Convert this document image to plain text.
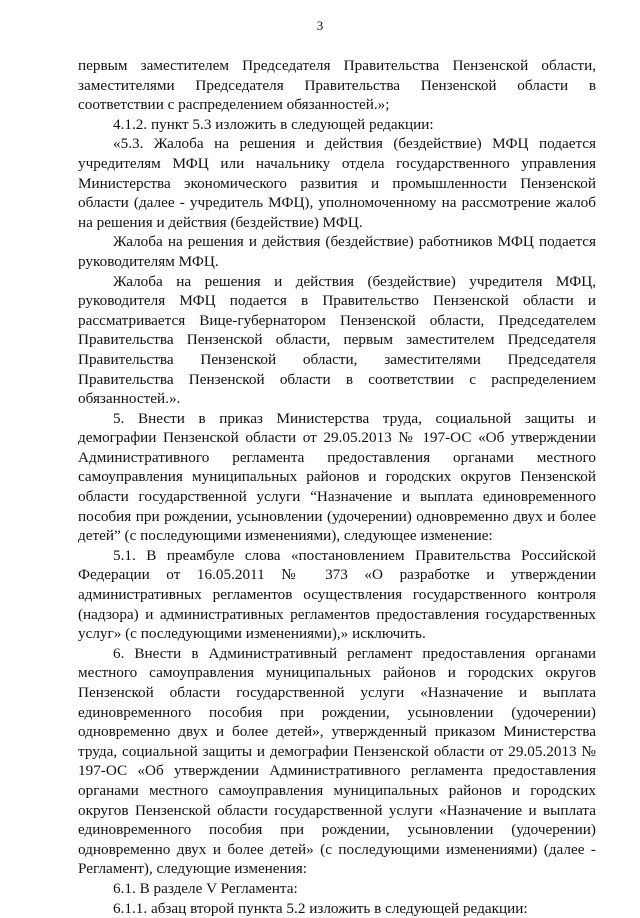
3

первым заместителем Председателя Правительства Пензенской области, заместителями Председателя Правительства Пензенской области в соответствии с распределением обязанностей.»;

4.1.2. пункт 5.3 изложить в следующей редакции:

«5.3. Жалоба на решения и действия (бездействие) МФЦ подается учредителям МФЦ или начальнику отдела государственного управления Министерства экономического развития и промышленности Пензенской области (далее - учредитель МФЦ), уполномоченному на рассмотрение жалоб на решения и действия (бездействие) МФЦ.

Жалоба на решения и действия (бездействие) работников МФЦ подается руководителям МФЦ.

Жалоба на решения и действия (бездействие) учредителя МФЦ, руководителя МФЦ подается в Правительство Пензенской области и рассматривается Вице-губернатором Пензенской области, Председателем Правительства Пензенской области, первым заместителем Председателя Правительства Пензенской области, заместителями Председателя Правительства Пензенской области в соответствии с распределением обязанностей.».

5. Внести в приказ Министерства труда, социальной защиты и демографии Пензенской области от 29.05.2013 № 197-ОС «Об утверждении Административного регламента предоставления органами местного самоуправления муниципальных районов и городских округов Пензенской области государственной услуги “Назначение и выплата единовременного пособия при рождении, усыновлении (удочерении) одновременно двух и более детей” (с последующими изменениями), следующее изменение:

5.1. В преамбуле слова «постановлением Правительства Российской Федерации от 16.05.2011 № 373 «О разработке и утверждении административных регламентов осуществления государственного контроля (надзора) и административных регламентов предоставления государственных услуг» (с последующими изменениями),» исключить.

6. Внести в Административный регламент предоставления органами местного самоуправления муниципальных районов и городских округов Пензенской области государственной услуги «Назначение и выплата единовременного пособия при рождении, усыновлении (удочерении) одновременно двух и более детей», утвержденный приказом Министерства труда, социальной защиты и демографии Пензенской области от 29.05.2013 № 197-ОС «Об утверждении Административного регламента предоставления органами местного самоуправления муниципальных районов и городских округов Пензенской области государственной услуги «Назначение и выплата единовременного пособия при рождении, усыновлении (удочерении) одновременно двух и более детей» (с последующими изменениями) (далее - Регламент), следующие изменения:

6.1. В разделе V Регламента:

6.1.1. абзац второй пункта 5.2 изложить в следующей редакции:
